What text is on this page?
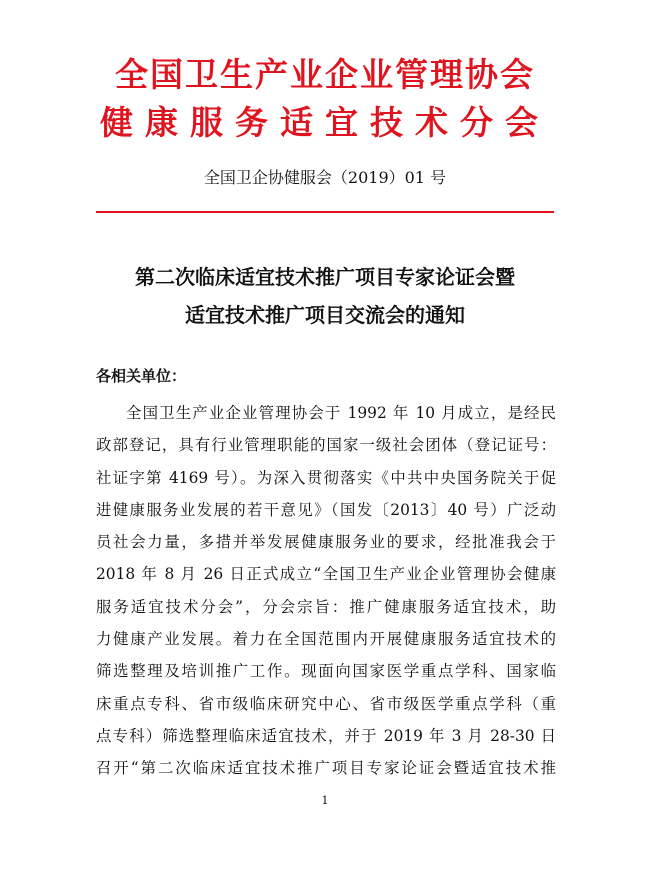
全国卫生产业企业管理协会
健康服务适宜技术分会
全国卫企协健服会（2019）01 号
第二次临床适宜技术推广项目专家论证会暨
适宜技术推广项目交流会的通知
各相关单位：
全国卫生产业企业管理协会于 1992 年 10 月成立，是经民
政部登记，具有行业管理职能的国家一级社会团体（登记证号：
社证字第 4169 号）。为深入贯彻落实《中共中央国务院关于促
进健康服务业发展的若干意见》（国发〔2013〕40 号）广泛动
员社会力量，多措并举发展健康服务业的要求，经批准我会于
2018 年 8 月 26 日正式成立“全国卫生产业企业管理协会健康
服务适宜技术分会”，分会宗旨：推广健康服务适宜技术，助
力健康产业发展。着力在全国范围内开展健康服务适宜技术的
筛选整理及培训推广工作。现面向国家医学重点学科、国家临
床重点专科、省市级临床研究中心、省市级医学重点学科（重
点专科）筛选整理临床适宜技术，并于 2019 年 3 月 28-30 日
召开“第二次临床适宜技术推广项目专家论证会暨适宜技术推
1
